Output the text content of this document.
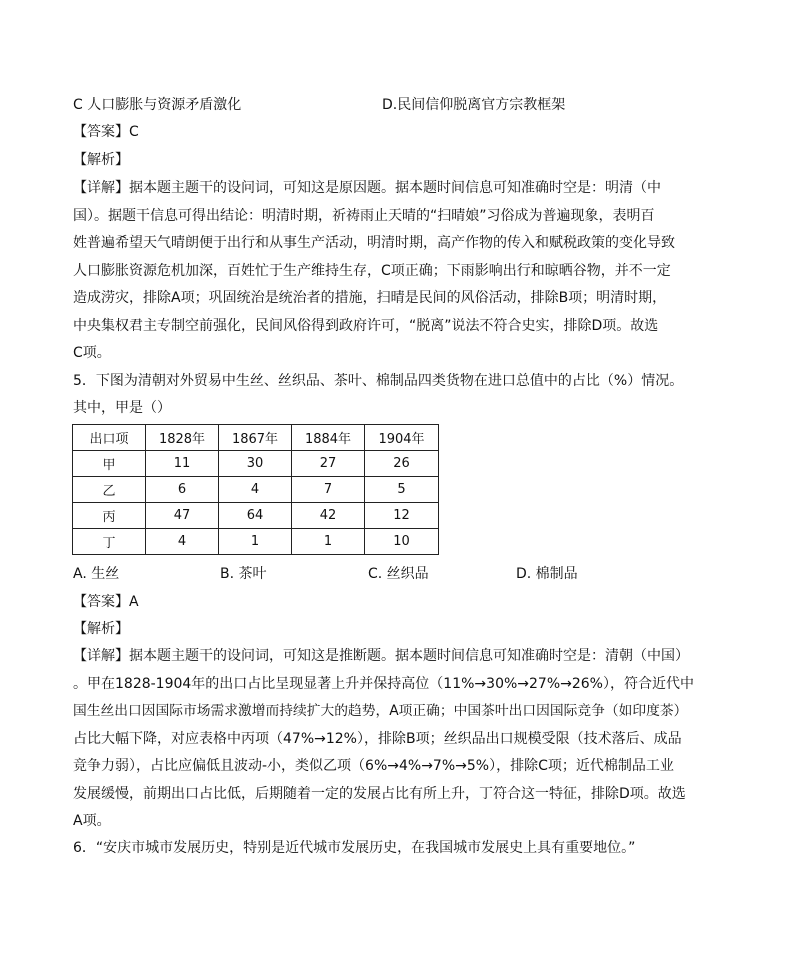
C 人口膨胀与资源矛盾激化	D.民间信仰脱离官方宗教框架
【答案】C
【解析】
【详解】据本题主题干的设问词，可知这是原因题。据本题时间信息可知准确时空是：明清（中
国）。据题干信息可得出结论：明清时期，祈祷雨止天晴的“扫晴娘”习俗成为普遍现象，表明百
姓普遍希望天气晴朗便于出行和从事生产活动，明清时期，高产作物的传入和赋税政策的变化导致
人口膨胀资源危机加深，百姓忙于生产维持生存，C项正确；下雨影响出行和晾晒谷物，并不一定
造成涝灾，排除A项；巩固统治是统治者的措施，扫晴是民间的风俗活动，排除B项；明清时期，
中央集权君主专制空前强化，民间风俗得到政府许可，“脱离”说法不符合史实，排除D项。故选
C项。
5．下图为清朝对外贸易中生丝、丝织品、茶叶、棉制品四类货物在进口总值中的占比（%）情况。
其中，甲是（）
出口项	1828年	1867年	1884年	1904年
甲	11	30	27	26
乙	6	4	7	5
丙	47	64	42	12
丁	4	1	1	10
A. 生丝	B. 茶叶	C. 丝织品	D. 棉制品
【答案】A
【解析】
【详解】据本题主题干的设问词，可知这是推断题。据本题时间信息可知准确时空是：清朝（中国）
。甲在1828-1904年的出口占比呈现显著上升并保持高位（11%→30%→27%→26%），符合近代中
国生丝出口因国际市场需求激增而持续扩大的趋势，A项正确；中国茶叶出口因国际竞争（如印度茶）
占比大幅下降，对应表格中丙项（47%→12%），排除B项；丝织品出口规模受限（技术落后、成品
竞争力弱），占比应偏低且波动-小，类似乙项（6%→4%→7%→5%），排除C项；近代棉制品工业
发展缓慢，前期出口占比低，后期随着一定的发展占比有所上升，丁符合这一特征，排除D项。故选
A项。
6．“安庆市城市发展历史，特别是近代城市发展历史，在我国城市发展史上具有重要地位。”
